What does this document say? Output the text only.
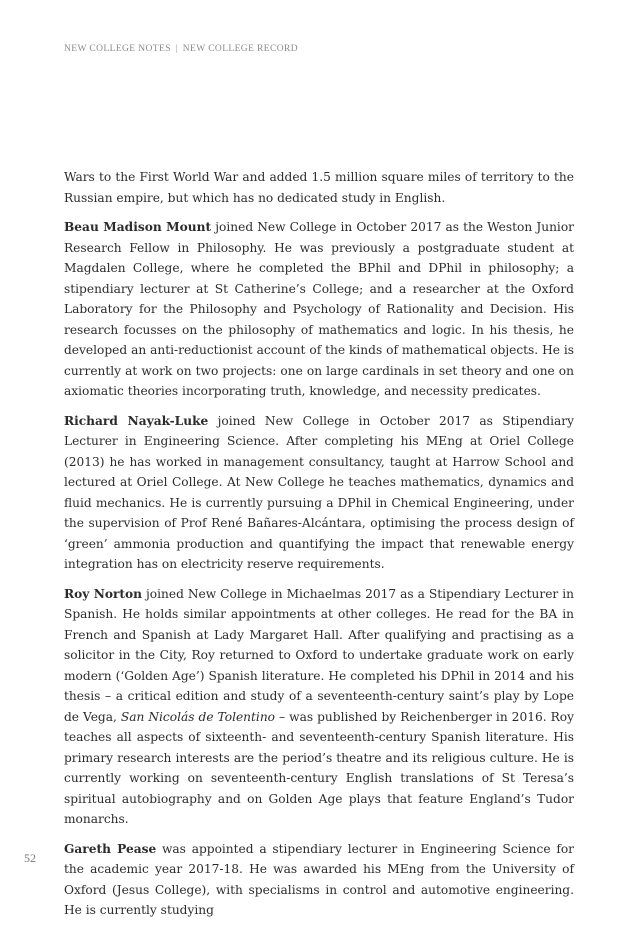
NEW COLLEGE NOTES | NEW COLLEGE RECORD

Wars to the First World War and added 1.5 million square miles of territory to the Russian empire, but which has no dedicated study in English.

Beau Madison Mount joined New College in October 2017 as the Weston Junior Research Fellow in Philosophy. He was previously a postgraduate student at Magdalen College, where he completed the BPhil and DPhil in philosophy; a stipendiary lecturer at St Catherine’s College; and a researcher at the Oxford Laboratory for the Philosophy and Psychology of Rationality and Decision. His research focusses on the philosophy of mathematics and logic. In his thesis, he developed an anti-reductionist account of the kinds of mathematical objects. He is currently at work on two projects: one on large cardinals in set theory and one on axiomatic theories incorporating truth, knowledge, and necessity predicates.

Richard Nayak-Luke joined New College in October 2017 as Stipendiary Lecturer in Engineering Science. After completing his MEng at Oriel College (2013) he has worked in management consultancy, taught at Harrow School and lectured at Oriel College. At New College he teaches mathematics, dynamics and fluid mechanics. He is currently pursuing a DPhil in Chemical Engineering, under the supervision of Prof René Bañares-Alcántara, optimising the process design of ‘green’ ammonia production and quantifying the impact that renewable energy integration has on electricity reserve requirements.

Roy Norton joined New College in Michaelmas 2017 as a Stipendiary Lecturer in Spanish. He holds similar appointments at other colleges. He read for the BA in French and Spanish at Lady Margaret Hall. After qualifying and practising as a solicitor in the City, Roy returned to Oxford to undertake graduate work on early modern (‘Golden Age’) Spanish literature. He completed his DPhil in 2014 and his thesis – a critical edition and study of a seventeenth-century saint’s play by Lope de Vega, San Nicolás de Tolentino – was published by Reichenberger in 2016. Roy teaches all aspects of sixteenth- and seventeenth-century Spanish literature. His primary research interests are the period’s theatre and its religious culture. He is currently working on seventeenth-century English translations of St Teresa’s spiritual autobiography and on Golden Age plays that feature England’s Tudor monarchs.

Gareth Pease was appointed a stipendiary lecturer in Engineering Science for the academic year 2017-18. He was awarded his MEng from the University of Oxford (Jesus College), with specialisms in control and automotive engineering. He is currently studying

52
